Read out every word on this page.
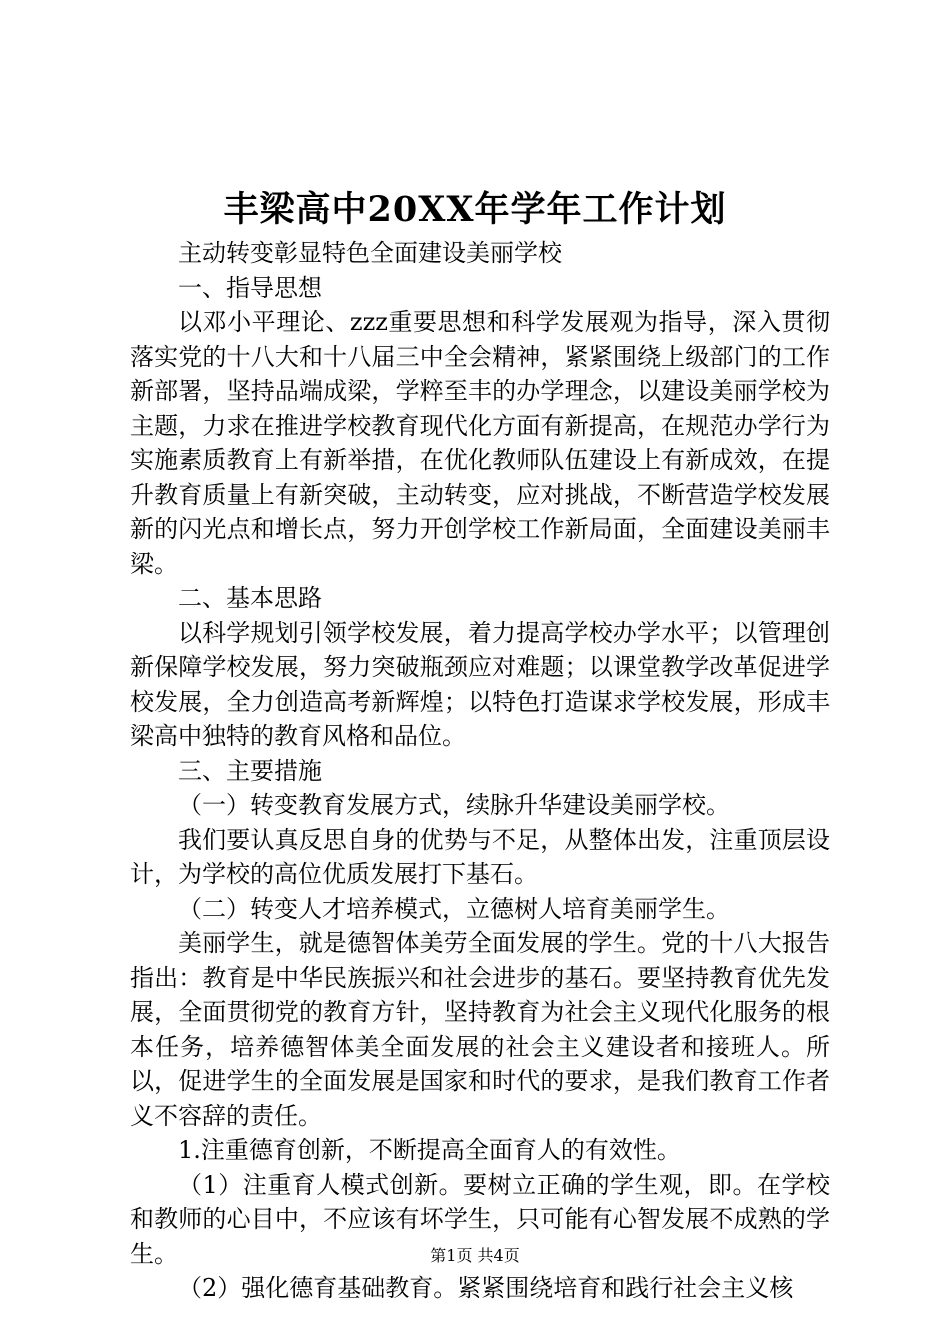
丰梁高中20XX年学年工作计划

主动转变彰显特色全面建设美丽学校

一、指导思想

以邓小平理论、zzz重要思想和科学发展观为指导，深入贯彻落实党的十八大和十八届三中全会精神，紧紧围绕上级部门的工作新部署，坚持品端成梁，学粹至丰的办学理念，以建设美丽学校为主题，力求在推进学校教育现代化方面有新提高，在规范办学行为实施素质教育上有新举措，在优化教师队伍建设上有新成效，在提升教育质量上有新突破，主动转变，应对挑战，不断营造学校发展新的闪光点和增长点，努力开创学校工作新局面，全面建设美丽丰梁。

二、基本思路

以科学规划引领学校发展，着力提高学校办学水平；以管理创新保障学校发展，努力突破瓶颈应对难题；以课堂教学改革促进学校发展，全力创造高考新辉煌；以特色打造谋求学校发展，形成丰梁高中独特的教育风格和品位。

三、主要措施

（一）转变教育发展方式，续脉升华建设美丽学校。

我们要认真反思自身的优势与不足，从整体出发，注重顶层设计，为学校的高位优质发展打下基石。

（二）转变人才培养模式，立德树人培育美丽学生。

美丽学生，就是德智体美劳全面发展的学生。党的十八大报告指出：教育是中华民族振兴和社会进步的基石。要坚持教育优先发展，全面贯彻党的教育方针，坚持教育为社会主义现代化服务的根本任务，培养德智体美全面发展的社会主义建设者和接班人。所以，促进学生的全面发展是国家和时代的要求，是我们教育工作者义不容辞的责任。

1.注重德育创新，不断提高全面育人的有效性。

（1）注重育人模式创新。要树立正确的学生观，即。在学校和教师的心目中，不应该有坏学生，只可能有心智发展不成熟的学生。

（2）强化德育基础教育。紧紧围绕培育和践行社会主义核

第1页 共4页
